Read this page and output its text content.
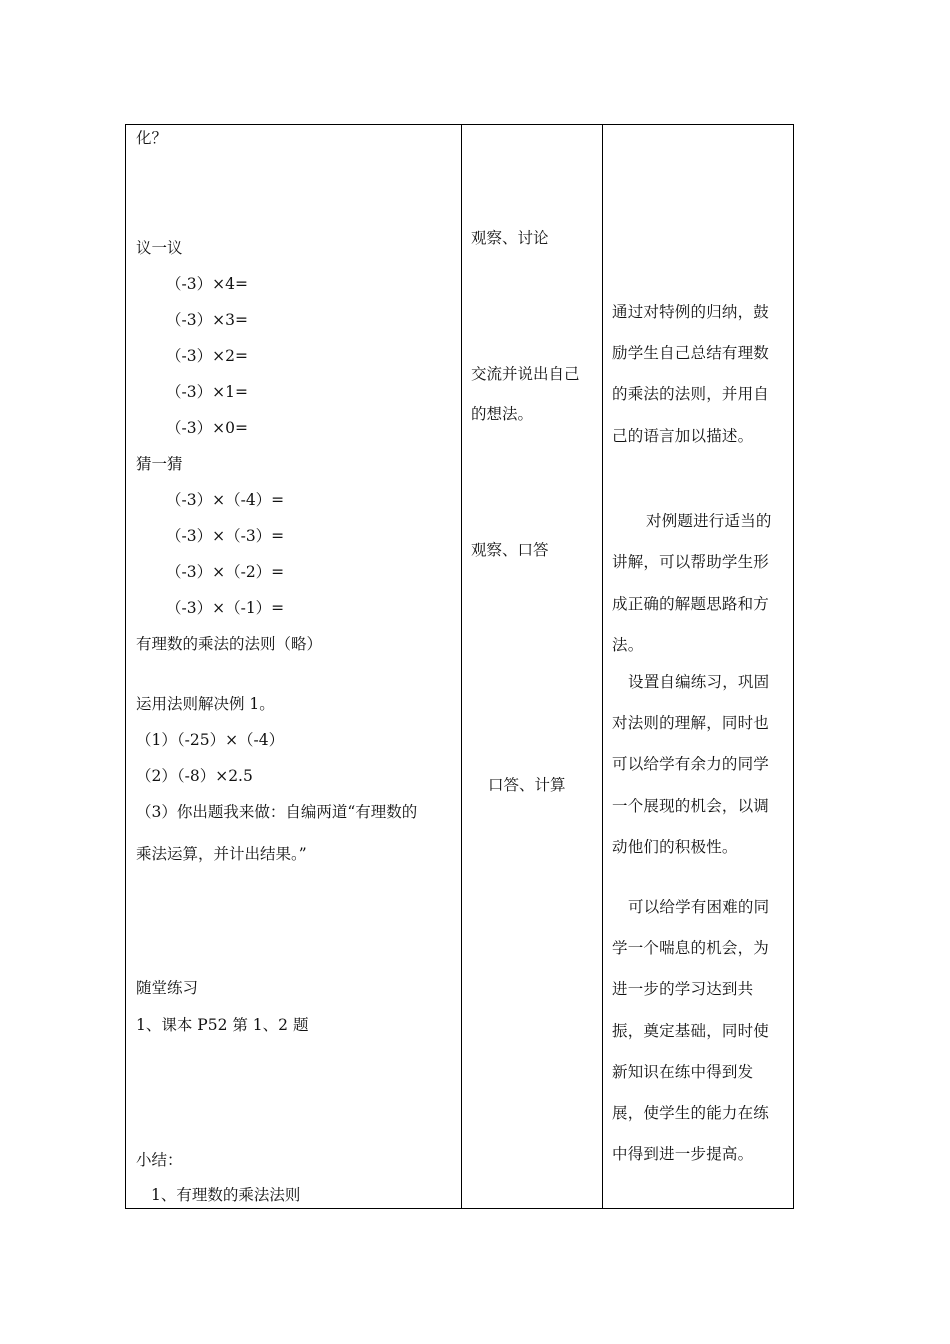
化？
议一议
（-3）×4=
（-3）×3=
（-3）×2=
（-3）×1=
（-3）×0=
猜一猜
（-3）×（-4）=
（-3）×（-3）=
（-3）×（-2）=
（-3）×（-1）=
有理数的乘法的法则（略）
运用法则解决例 1。
（1）（-25）×（-4）
（2）（-8）×2.5
（3）你出题我来做：自编两道“有理数的
乘法运算，并计出结果。”
随堂练习
1、课本 P52 第 1、2 题
小结：
1、有理数的乘法法则
观察、讨论
交流并说出自己
的想法。
观察、口答
口答、计算
通过对特例的归纳，鼓
励学生自己总结有理数
的乘法的法则，并用自
己的语言加以描述。
对例题进行适当的
讲解，可以帮助学生形
成正确的解题思路和方
法。
设置自编练习，巩固
对法则的理解，同时也
可以给学有余力的同学
一个展现的机会，以调
动他们的积极性。
可以给学有困难的同
学一个喘息的机会，为
进一步的学习达到共
振，奠定基础，同时使
新知识在练中得到发
展，使学生的能力在练
中得到进一步提高。
